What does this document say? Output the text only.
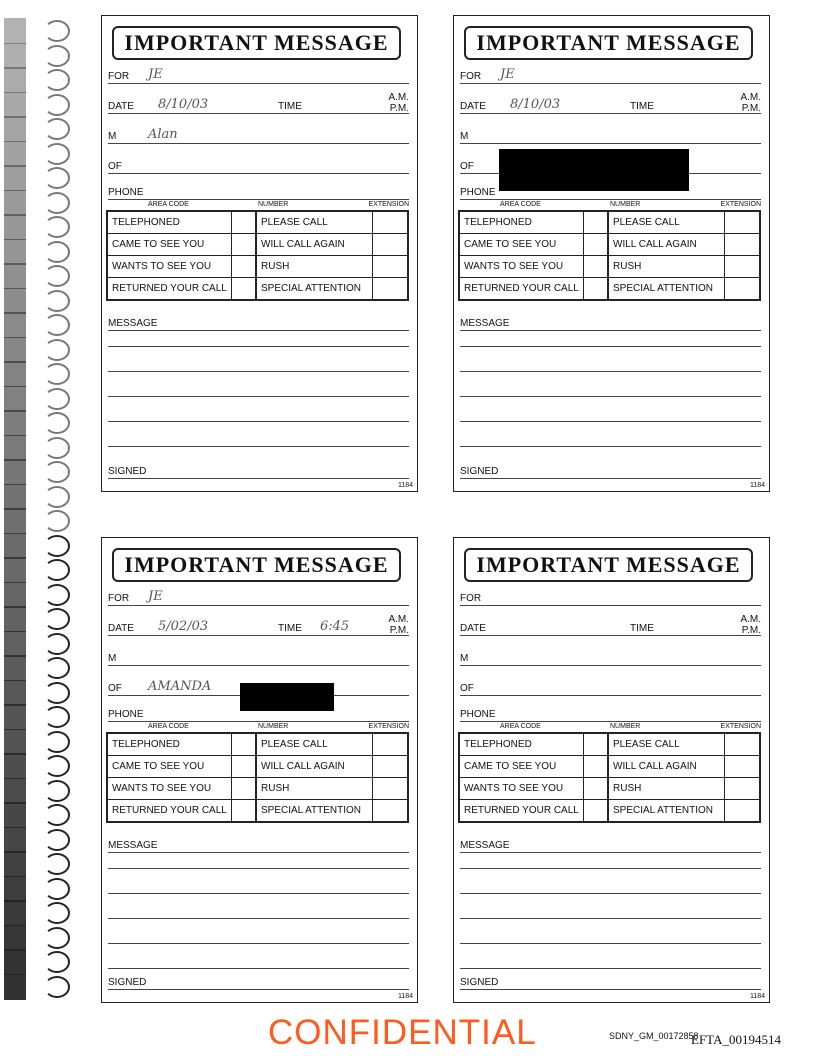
IMPORTANT MESSAGE
FOR JE
DATE 8/10/03	TIME
A.M.
P.M.
M Alan
OF
PHONE
AREA CODE	NUMBER	EXTENSION
TELEPHONED	PLEASE CALL
CAME TO SEE YOU	WILL CALL AGAIN
WANTS TO SEE YOU	RUSH
RETURNED YOUR CALL	SPECIAL ATTENTION
MESSAGE
SIGNED
1184
IMPORTANT MESSAGE
FOR JE
DATE 8/10/03	TIME
A.M.
P.M.
M
OF
PHONE
AREA CODE	NUMBER	EXTENSION
TELEPHONED	PLEASE CALL
CAME TO SEE YOU	WILL CALL AGAIN
WANTS TO SEE YOU	RUSH
RETURNED YOUR CALL	SPECIAL ATTENTION
MESSAGE
SIGNED
1184
IMPORTANT MESSAGE
FOR JE
DATE 5/02/03	TIME 6:45	A.M.
P.M.
M
OF AMANDA
PHONE
AREA CODE	NUMBER	EXTENSION
TELEPHONED	PLEASE CALL
CAME TO SEE YOU	WILL CALL AGAIN
WANTS TO SEE YOU	RUSH
RETURNED YOUR CALL	SPECIAL ATTENTION
MESSAGE
SIGNED
1184
IMPORTANT MESSAGE
FOR
DATE	TIME
A.M.
P.M.
M
OF
PHONE
AREA CODE	NUMBER	EXTENSION
TELEPHONED	PLEASE CALL
CAME TO SEE YOU	WILL CALL AGAIN
WANTS TO SEE YOU	RUSH
RETURNED YOUR CALL	SPECIAL ATTENTION
MESSAGE
SIGNED
1184
CONFIDENTIAL	SDNY_GM_00172858
EFTA_00194514
